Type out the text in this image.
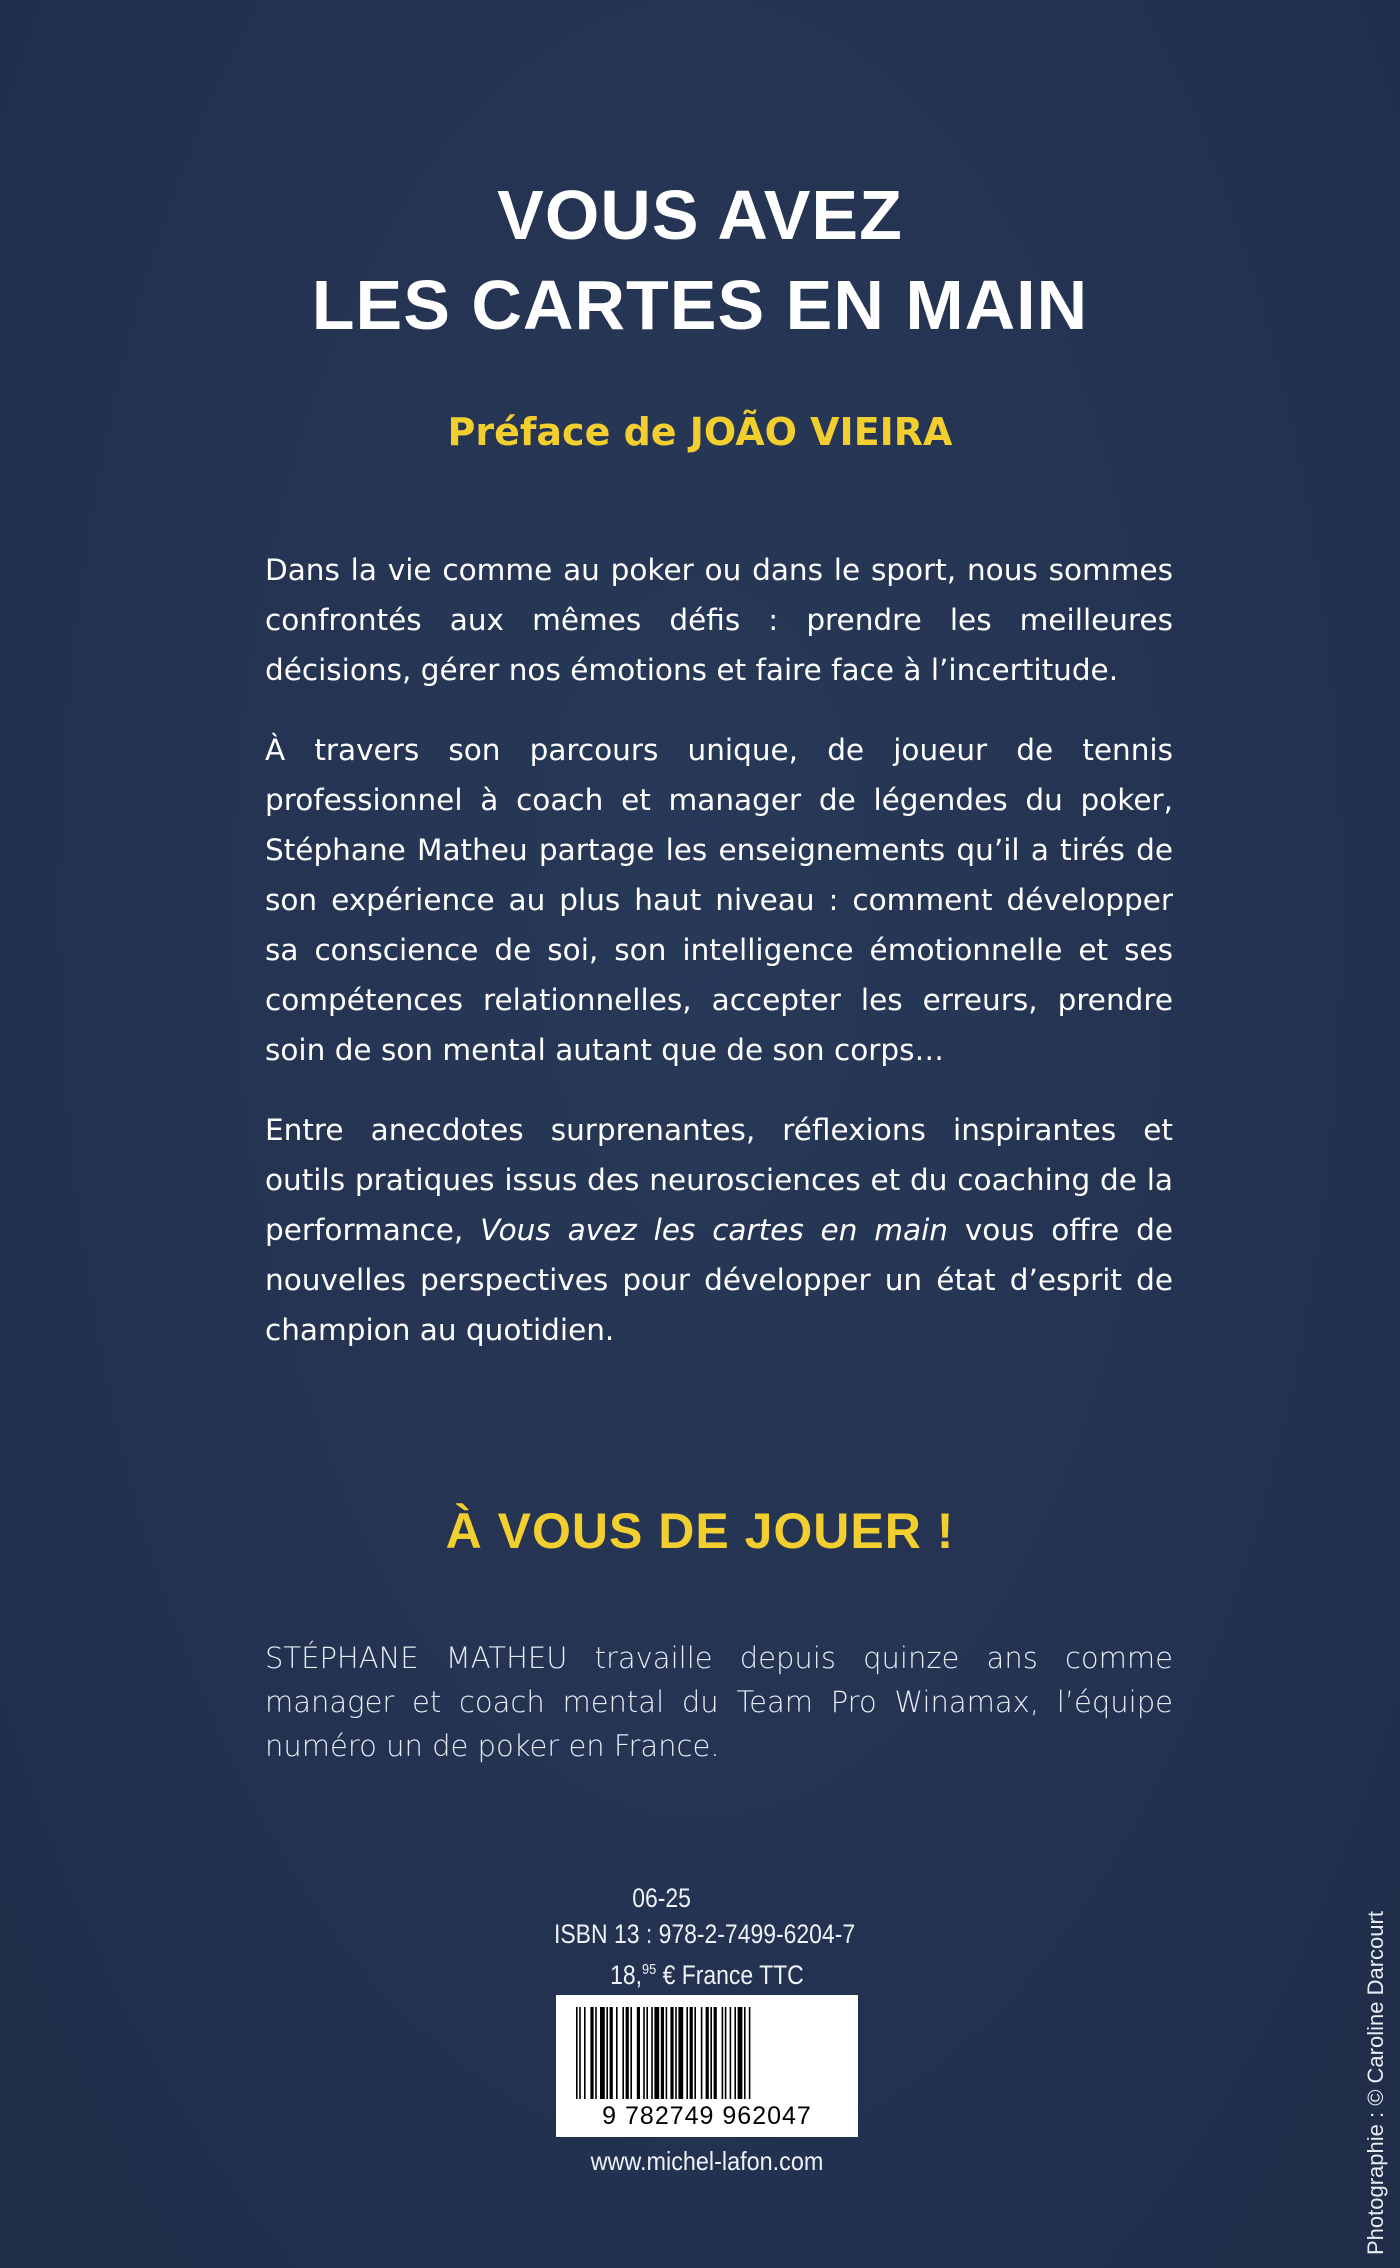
VOUS AVEZ
LES CARTES EN MAIN
Préface de JOÃO VIEIRA

Dans la vie comme au poker ou dans le sport, nous sommes confrontés aux mêmes défis : prendre les meilleures décisions, gérer nos émotions et faire face à l’incertitude.

À travers son parcours unique, de joueur de tennis professionnel à coach et manager de légendes du poker, Stéphane Matheu partage les enseignements qu’il a tirés de son expérience au plus haut niveau : comment développer sa conscience de soi, son intelligence émotionnelle et ses compétences relationnelles, accepter les erreurs, prendre soin de son mental autant que de son corps…

Entre anecdotes surprenantes, réflexions inspirantes et outils pratiques issus des neurosciences et du coaching de la performance, Vous avez les cartes en main vous offre de nouvelles perspectives pour développer un état d’esprit de champion au quotidien.

À VOUS DE JOUER !
STÉPHANE MATHEU travaille depuis quinze ans comme manager et coach mental du Team Pro Winamax, l’équipe numéro un de poker en France.
06-25
ISBN 13 : 978-2-7499-6204-7
18,95 € France TTC
9 782749 962047
www.michel-lafon.com	Photographie : © Caroline Darcourt
